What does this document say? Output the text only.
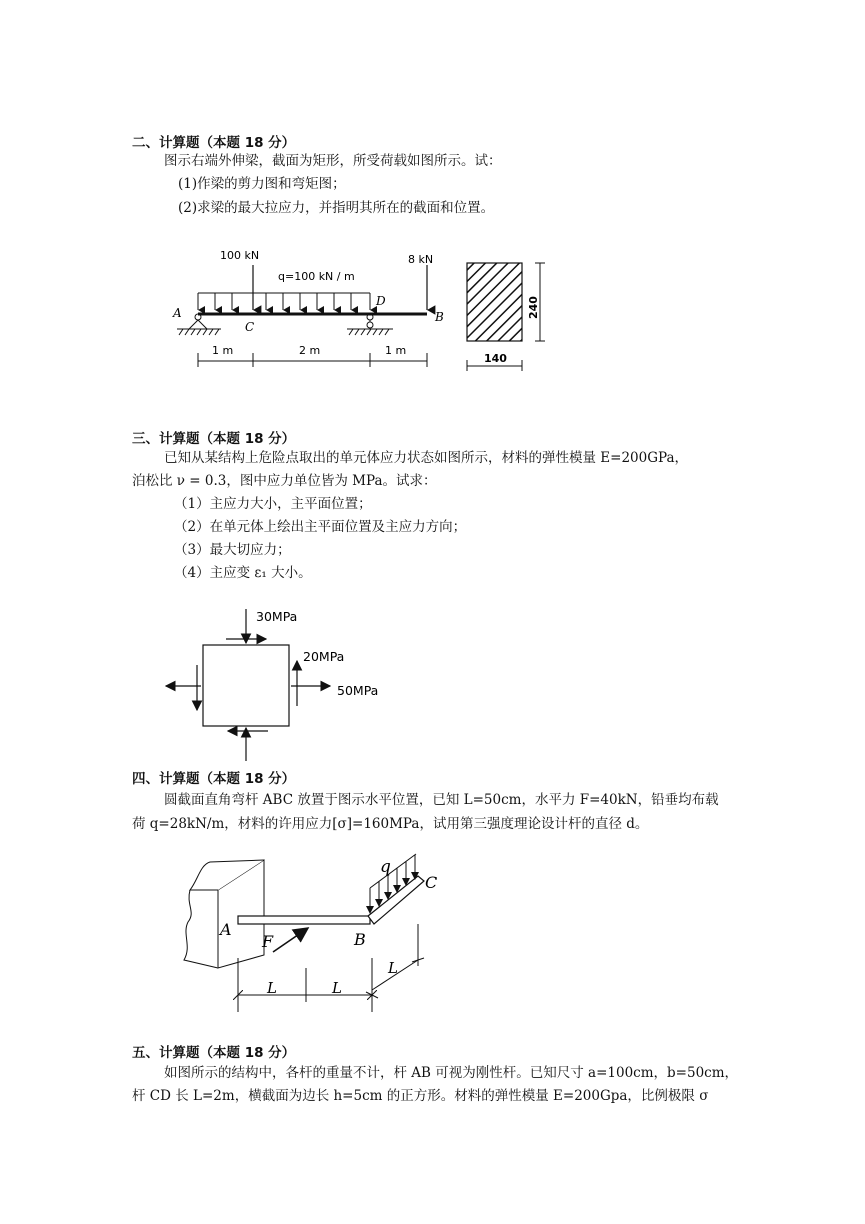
二、计算题（本题 18 分）
图示右端外伸梁，截面为矩形，所受荷载如图所示。试：
(1)作梁的剪力图和弯矩图；
(2)求梁的最大拉应力，并指明其所在的截面和位置。
100 kN
q=100 kN / m
8 kN
A
C
D
B
1 m	2 m	1 m
240
140
三、计算题（本题 18 分）
已知从某结构上危险点取出的单元体应力状态如图所示，材料的弹性模量 E=200GPa，
泊松比 ν = 0.3，图中应力单位皆为 MPa。试求：
（1）主应力大小，主平面位置；
（2）在单元体上绘出主平面位置及主应力方向；
（3）最大切应力；
（4）主应变 ε₁ 大小。
30MPa
20MPa
50MPa
四、计算题（本题 18 分）
圆截面直角弯杆 ABC 放置于图示水平位置，已知 L=50cm，水平力 F=40kN，铅垂均布载
荷 q=28kN/m，材料的许用应力[σ]=160MPa，试用第三强度理论设计杆的直径 d。
q
C
A
F	B
L	L
L
五、计算题（本题 18 分）
如图所示的结构中，各杆的重量不计，杆 AB 可视为刚性杆。已知尺寸 a=100cm，b=50cm，
杆 CD 长 L=2m，横截面为边长 h=5cm 的正方形。材料的弹性模量 E=200Gpa，比例极限 σ
